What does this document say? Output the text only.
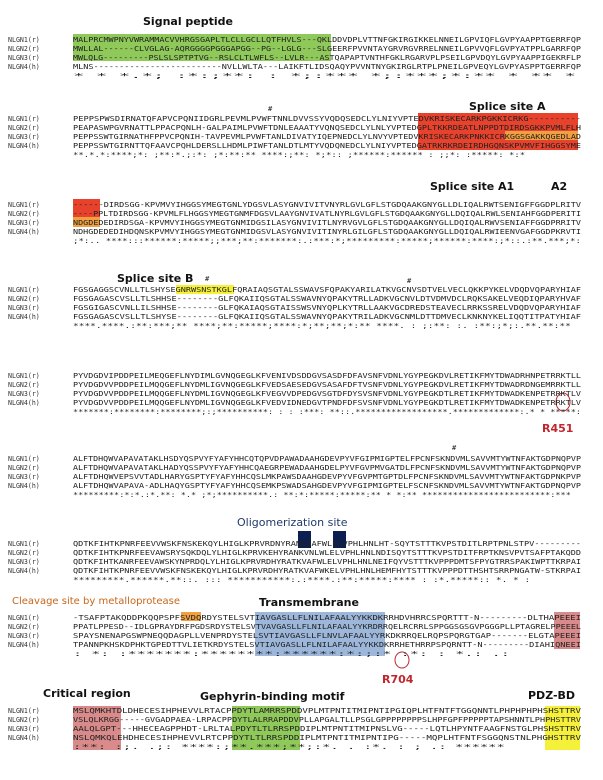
NLGN1(r)	MALPRCMWPNYVWRAMMACVVHRGSGAPLTLCLLGCLLQTFHVLS---QKLDDVDPLVTTNFGKIRGIKKELNNEILGPVIQFLGVPYAAPPTGERRFQP
NLGN2(r)	MWLLAL------CLVGLAG-AQRGGGGPGGGAPGG--PG--LGLG---SLGEERFPVVNTAYGRVRGVRRELNNEILGPVVQFLGVPYATPPLGARRFQP
NLGN3(r)	MWLQLG---------PSLSLSPTPTVG--RSLCLTLWFLS--LVLR---ASTQAPAPTVNTHFGKLRGARVPLPSEILGPVDQYLGVPYAAPPIGEKRFLP
NLGN4(h)	MLNS-------------------------NVLLWLTA---LAIKFTLIDSQAQYPVVNTNYGKIRGLRTPLPNEILGPVEQYLGVPYASPPTGERRFQP
* * *.*; :*:;**: : *;:*** *;:***;*:** * ** *
NLGN1(r)	PEPPSPWSDIRNATQFAPVCPQNIIDGRLPEVMLPVWFTNNLDVVSSYVQDQSEDCLYLNIYVPTEDVKRISKECARKPGKKICRKG----------
NLGN2(r)	PEAPASWPGVRNATTLPPACPQNLH-GALPAIMLPVWFTDNLEAAATYVQNQSEDCLYLNLYVPTEDGPLTKKRDEATLNPPDTDIRDSGKKPVMLFLH
NLGN3(r)	PEPPSSWTGIRNATHFPPVCPQNIH-TAVPEVMLPVWFTANLDIVATYIQEPNEDCLYLNVYVPTEDVKRISKECARKPNKKICRKGGSGAKKQGEDLAD
NLGN4(h)	PEPPSSWTGIRNTTQFAAVCPQHLDERSLLHDMLPIWFTANLDTLMTYVQDQNEDCLYLNIYVPTEDGATRKRKRDEIRDHGQNSKPVMVFIHGGSYME
**.*.*:****;*: ;**:*.;:*: ;*:**:** ****:;**: *;*:: ;******:****** : ;;*: :*****: *:*
NLGN1(r)	------DIRDSGG-KPVMVYIHGGSYMEGTGNLYDGSVLASYGNVIVITVNYRLGVLGFLSTGDQAAKGNYGLLDLIQALRWTSENIGFFGGDPLRITV
NLGN2(r)	----PPLTDIRDSGG-KPVMLFLHGGSYMEGTGNMFDGSVLAAYGNVIVATLNYRLGVLGFLSTGDQAAKGNYGLLDQIQALRWLSENIAHFGGDPERITI
NLGN3(r)	NDGDEDEDIRDSGA-KPVMVYIHGGSYMEGTGNMIDGSILASYGNVIVITLNYRVGVLGFLSTGDQAAKGNYGLLDQIQALRWVSENIAFFGGDPRRITV
NLGN4(h)	NDHGDEDEDIHDQNSKPVMVYIHGGSYMEGTGNMIDGSVLASYGNVIVITINYRLGILGFLSTGDQAAKGNYGLLDQIQALRWIEENVGAFGGDPKRVTI
;*:.. ****:::******:*****;;***;**:*******:.:***:*;*********:*****;******:****:;*::.:**.***;*:
NLGN1(r)	FGSGAGGSCVNLLTLSHYSEGNRWSNSTKGLFQRAIAQSGTALSSWAVSFQPAKYARILATKVGCNVSDTVELVECLQKKPYKELVDQDVQPARYHIAF
NLGN2(r)	FGSGAGASCVSLLTLSHHSE--------GLFQKAIIQSGTALSSWAVNYQPAKYTRLLADKVGCNVLDTVDMVDCLRQKSAKELVEQDIQPARYHVAF
NLGN3(r)	FGSGIGASCVNLLILSHHSE--------GLFQKAIAQSGTAISSWSVNYQPLKYTRLLAAKVGCDREDSTEAVECLRRKSSRELVDQDVQPARYHIAF
NLGN4(h)	FGSGAGASCVSLLTLSHYSE--------GLFQKAIIQSGTALSSWAVNYQPAKYTRILADKVGCNMLDTTDMVECLKNKNYKELIQQTITPATYHIAF
****.****.:**:***;** ****;**:*****;****:*;**;**;*:** ****. : ;:**: :. :**:;*;:.**.**:**
NLGN1(r)	PYVDGDVIPDDPEILMEQGEFLNYDIMLGVNQGEGLKFVENIVDSDDGVSASDFDFAVSNFVDNLYGYPEGKDVLRETIKFMYTDWADRHNPETRRKTLL
NLGN2(r)	PYVDGDVVPDDPEILMQQGEFLNYDMLIGVNQGEGLKFVEDSAESEDGVSASAFDFTVSNFVDNLYGYPEGKDVLRETIKFMYTDWADRDNGEMRRKTLL
NLGN3(r)	PYVDGDVVPDDPEILMQQGEFLNYDMLIGVNQGEGLKFVEGVVDPEDGVSGTDFDYSVSNFVDNLYGYPEGKDTLRETIKFMYTDWADKENPETRRKTLV
NLGN4(h)	PYVDGDVVPDDPEILMQQGEFLNYDMLIGVNQGEGLKFVEDVIDNEDGVTPNDFDFSVSNFVDNLYGYPEGKDTLRETIKFMYTDWADKENPETRRKTLV
*******:********:********;:;**********: : : :***: **::.******************.*************:.* * *****:
NLGN1(r)	ALFTDHQWVAPAVATAKLHSDYQSPVYFYAFYHHCQTQPVDPAWADAAHGDEVPYVFGIPMIGPTELFPCNFSKNDVMLSAVVMTYWTNFAKTGDPNQPVP
NLGN2(r)	ALFTDHQWVAPAVATAKLHADYQSSPVYFYAFYHHCQAEGRPEWADAAHGDELPYVFGVPMVGATDLFPCNFSKNDVMLSAVVMTYWTNFAKTGDPNQPVP
NLGN3(r)	ALFTDHQWVEPSVVTADLHARYGSPTYFYAFYHHCQSLMKPAWSDAAHGDEVPYVFGVPMTGPTDLFPCNFSKNDVMLSAVVMTYWTNFAKTGDPNKPVP
NLGN4(h)	ALFTDHQWVAPAVA-ADLHAQYGSPTYFYAFYHHCQSEMKPSWADSAHGDEVPYVFGIPMIGPTELFSCNFSKNDVMLSAVVMTYWTNFAKTGDPNQPVP
*********:*:*.:*.**: *.* ;*;**********.: **:*:*****:*****:** * *:** *************************:***
NLGN1(r)	QDTKFIHTKPNRFEEVVWSKFNSKEKQYLHIGLKPRVRDNYRANKVAFWLELVPHLHNLHT-SQYTSTTTKVPSTDITLRPTPNLSTPV---------
NLGN2(r)	QDTKFIHTKPNRFEEVAWSRYSQKDQLYLHIGLKPRVKEHYRANKVNLWLELVPHLHNLNDISQYTSTTTKVPSTDITFRPTKNSVPVTSAFPTAKQDD
NLGN3(r)	QDTKFIHTKANRFEEVAWSKYNPRDQLYLHIGLKPRVRDHYRATKVAFWLELVPHLHNLNEIFQYVSTTTKVPPPDMTSFPYGTRRSPAKIWPTTKRPAI
NLGN4(h)	QDTKFIHTKPNRFEEVVWSKFNSKEKQYLHIGLKPRVRDHYRATKVAFWKELVPHLHNLHEMFHYTSTTTKVPPPDTTHSHTSRRPNGATW-STKRPAI
*********.******.**::. ::: ***********:.:****.:**:*****:**** : :*.*****:: *. * :
NLGN1(r)	-TSAFPTAKQDDPKQQPSPFSVDQRDYSTELSVTIAVGASLLFLNILAFAALYYKKDKRRHDVHRRCSPQRTTT-N---------DLTHAPEEEI
NLGN2(r)	PPATLPPESD--IDLGPRAYDRFPGDSRDYSTELSVTVAVGASLLFLNILAFAALYYKRDRRQELRCRRLSPPGGSGSGVPGGGPLLPTAGRELPPEEEL
NLGN3(r)	SPAYSNENAPGSWPNEQQDAGPLLVENPRDYSTELSVTIAVGASLLFLNVLAFAALYYRKDKRRQELRQPSPQRGTGAP-------ELGTAPEEEI
NLGN4(h)	TPANNPKHSKDPHKTGPEDTTVLIETKRDYSTELSVTIAVGASLLFLNILAFAALYYKKDKRRHETHRRPSPQRNTT-N---------DIAHIQNEEI
: *: :*******:********:******:*:;:* :*: : *.: .:
NLGN1(r)	MSLQMKHTDLDHECESIHPHEVVLRTACPPDYTLAMRRSPDDVPLMTPNTITMIPNTIPGIQPLHTFNTFTGGQNNTLPHPHPHPHSHSTTRV
NLGN2(r)	VSLQLKRGG-----GVGADPAEA-LRPACPPDYTLALRRAPDDVPLLAPGALTLLPSGLGPPPPPPPPSLHPFGPFPPPPPTAPSHNNTLPHPHSTTRV
NLGN3(r)	AALQLGPT---HHECEAGPPHDT-LRLTALPDYTLTLRRSPDDIPLMTPNTITMIPNSLVG-----LQTLHPYNTFAAGFNSTGLPHSHSTTRV
NLGN4(h)	NSLQMKQLEHDHECESIHPHEVVLRTCPPDYTLTLRRSPDDIPLMTPNTITMIPNTIPG-----MQPLHTFNTFSGGQNSTNLPHGHSTTRV
:**: :;. .;: ****:;**.***;**;:*. . :*. : ; .: ******
Signal peptide
Splice site A
Splice site A1	A2
Splice site B #
#
#
#
R451
Oligomerization site
Cleavage site by metalloprotease	Transmembrane
R704
Critical region	Gephyrin-binding motif	PDZ-BD
